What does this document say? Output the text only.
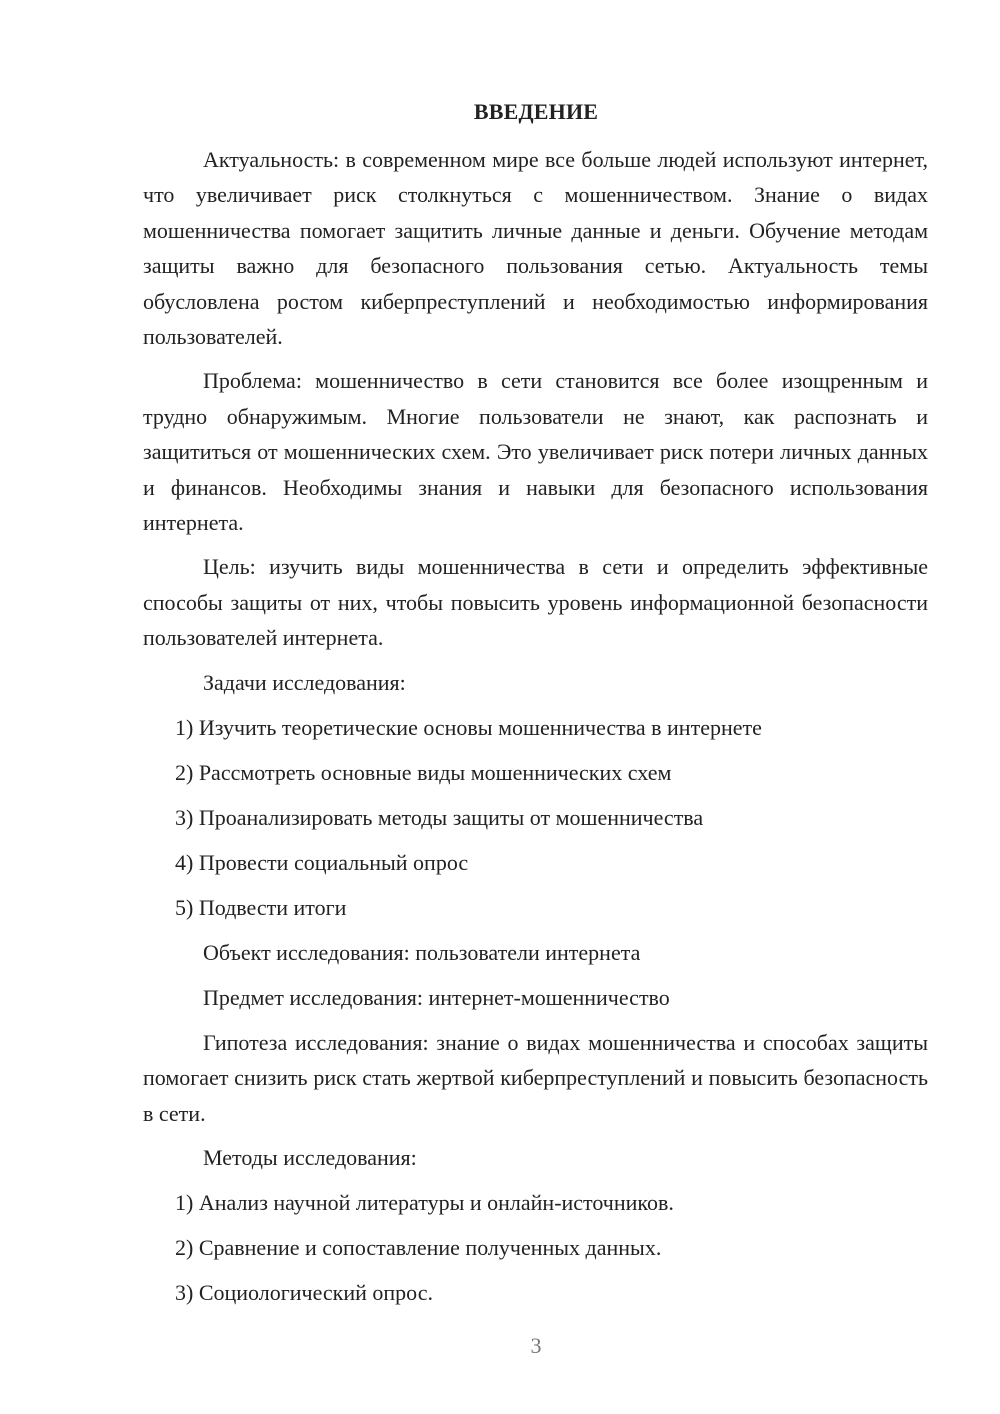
ВВЕДЕНИЕ

Актуальность: в современном мире все больше людей используют интернет, что увеличивает риск столкнуться с мошенничеством. Знание о видах мошенничества помогает защитить личные данные и деньги. Обучение методам защиты важно для безопасного пользования сетью. Актуальность темы обусловлена ростом киберпреступлений и необходимостью информирования пользователей.

Проблема: мошенничество в сети становится все более изощренным и трудно обнаружимым. Многие пользователи не знают, как распознать и защититься от мошеннических схем. Это увеличивает риск потери личных данных и финансов. Необходимы знания и навыки для безопасного использования интернета.

Цель: изучить виды мошенничества в сети и определить эффективные способы защиты от них, чтобы повысить уровень информационной безопасности пользователей интернета.

Задачи исследования:

1) Изучить теоретические основы мошенничества в интернете

2) Рассмотреть основные виды мошеннических схем

3) Проанализировать методы защиты от мошенничества

4) Провести социальный опрос

5) Подвести итоги

Объект исследования: пользователи интернета

Предмет исследования: интернет-мошенничество

Гипотеза исследования: знание о видах мошенничества и способах защиты помогает снизить риск стать жертвой киберпреступлений и повысить безопасность в сети.

Методы исследования:

1) Анализ научной литературы и онлайн-источников.

2) Сравнение и сопоставление полученных данных.

3) Социологический опрос.

3
